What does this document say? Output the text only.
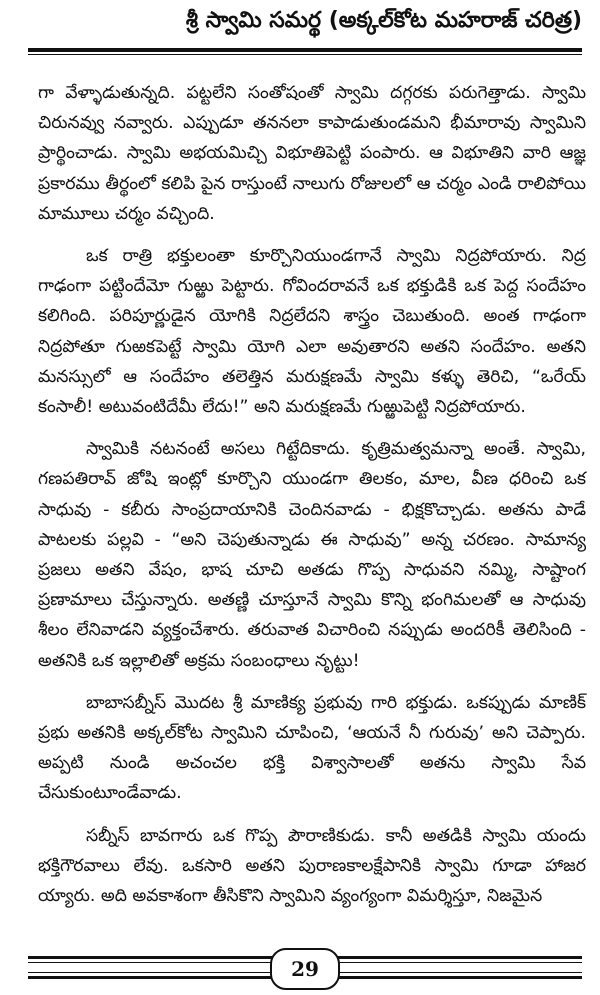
శ్రీ స్వామి సమర్థ (అక్కల్‌కోట మహరాజ్ చరిత్ర)

గా వేళ్ళాడుతున్నది. పట్టలేని సంతోషంతో స్వామి దగ్గరకు పరుగెత్తాడు. స్వామి చిరునవ్వు నవ్వారు. ఎప్పుడూ తననలా కాపాడుతుండమని భీమారావు స్వామిని ప్రార్థించాడు. స్వామి అభయమిచ్చి విభూతిపెట్టి పంపారు. ఆ విభూతిని వారి ఆజ్ఞ ప్రకారము తీర్థంలో కలిపి పైన రాస్తుంటే నాలుగు రోజులలో ఆ చర్మం ఎండి రాలిపోయి మామూలు చర్మం వచ్చింది.

ఒక రాత్రి భక్తులంతా కూర్చొనియుండగానే స్వామి నిద్రపోయారు. నిద్ర గాఢంగా పట్టిందేమో గుఱ్ఱు పెట్టారు. గోవిందరావనే ఒక భక్తుడికి ఒక పెద్ద సందేహం కలిగింది. పరిపూర్ణుడైన యోగికి నిద్రలేదని శాస్త్రం చెబుతుంది. అంత గాఢంగా నిద్రపోతూ గుఱకపెట్టే స్వామి యోగి ఎలా అవుతారని అతని సందేహం. అతని మనస్సులో ఆ సందేహం తలెత్తిన మరుక్షణమే స్వామి కళ్ళు తెరిచి, “ఒరేయ్ కంసాలీ! అటువంటిదేమీ లేదు!” అని మరుక్షణమే గుఱ్ఱుపెట్టి నిద్రపోయారు.

స్వామికి నటనంటే అసలు గిట్టేదికాదు. కృత్రిమత్వమన్నా అంతే. స్వామి, గణపతిరావ్ జోషి ఇంట్లో కూర్చొని యుండగా తిలకం, మాల, వీణ ధరించి ఒక సాధువు - కబీరు సాంప్రదాయానికి చెందినవాడు - భిక్షకొచ్చాడు. అతను పాడే పాటలకు పల్లవి - “అని చెపుతున్నాడు ఈ సాధువు” అన్న చరణం. సామాన్య ప్రజలు అతని వేషం, భాష చూచి అతడు గొప్ప సాధువని నమ్మి, సాష్టాంగ ప్రణామాలు చేస్తున్నారు. అతణ్ణి చూస్తూనే స్వామి కొన్ని భంగిమలతో ఆ సాధువు శీలం లేనివాడని వ్యక్తంచేశారు. తరువాత విచారించి నప్పుడు అందరికీ తెలిసింది - అతనికి ఒక ఇల్లాలితో అక్రమ సంబంధాలు నృట్టు!

బాబాసబ్నీస్ మొదట శ్రీ మాణిక్య ప్రభువు గారి భక్తుడు. ఒకప్పుడు మాణిక్ ప్రభు అతనికి అక్కల్‌కోట స్వామిని చూపించి, ‘ఆయనే నీ గురువు’ అని చెప్పారు. అప్పటి నుండి అచంచల భక్తి విశ్వాసాలతో అతను స్వామి సేవ చేసుకుంటూండేవాడు.

సబ్నీస్ బావగారు ఒక గొప్ప పౌరాణికుడు. కానీ అతడికి స్వామి యందు భక్తిగౌరవాలు లేవు. ఒకసారి అతని పురాణకాలక్షేపానికి స్వామి గూడా హాజర య్యారు. అది అవకాశంగా తీసికొని స్వామిని వ్యంగ్యంగా విమర్శిస్తూ, నిజమైన

29
